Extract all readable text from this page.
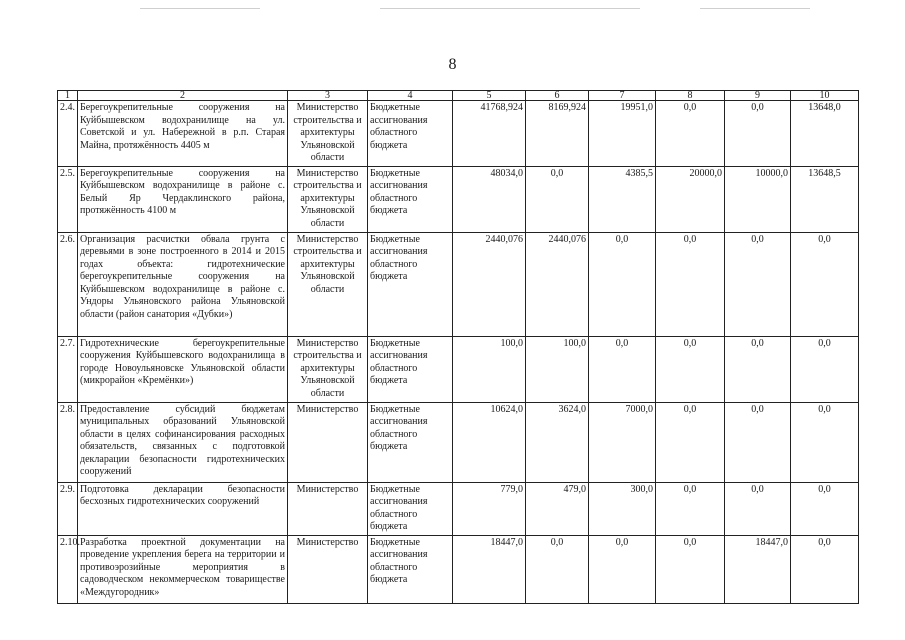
8
1	2	3	4	5	6	7	8	9	10
2.4.	Берегоукрепительные сооружения на Куйбышевском водохранилище на ул. Советской и ул. Набережной в р.п. Старая Майна, протяжённость 4405 м	Министерство строительства и архитектуры Ульяновской области	Бюджетные ассигнования областного бюджета	41768,924	8169,924	19951,0	0,0	0,0	13648,0
2.5.	Берегоукрепительные сооружения на Куйбышевском водохранилище в районе с. Белый Яр Чердаклинского района, протяжённость 4100 м	Министерство строительства и архитектуры Ульяновской области	Бюджетные ассигнования областного бюджета	48034,0	0,0	4385,5	20000,0	10000,0	13648,5
2.6.	Организация расчистки обвала грунта с деревьями в зоне построенного в 2014 и 2015 годах объекта: гидротехнические берегоукрепительные сооружения на Куйбышевском водохранилище в районе с. Ундоры Ульяновского района Ульяновской области (район санатория «Дубки»)	Министерство строительства и архитектуры Ульяновской области	Бюджетные ассигнования областного бюджета	2440,076	2440,076	0,0	0,0	0,0	0,0
2.7.	Гидротехнические берегоукрепительные сооружения Куйбышевского водохранилища в городе Новоульяновске Ульяновской области (микрорайон «Кремёнки»)	Министерство строительства и архитектуры Ульяновской области	Бюджетные ассигнования областного бюджета	100,0	100,0	0,0	0,0	0,0	0,0
2.8.	Предоставление субсидий бюджетам муниципальных образований Ульяновской области в целях софинансирования расходных обязательств, связанных с подготовкой декларации безопасности гидротехнических сооружений	Министерство	Бюджетные ассигнования областного бюджета	10624,0	3624,0	7000,0	0,0	0,0	0,0
2.9.	Подготовка декларации безопасности бесхозных гидротехнических сооружений	Министерство	Бюджетные ассигнования областного бюджета	779,0	479,0	300,0	0,0	0,0	0,0
2.10.	Разработка проектной документации на проведение укрепления берега на территории и противоэрозийные мероприятия в садоводческом некоммерческом товариществе «Междугородник»	Министерство	Бюджетные ассигнования областного бюджета	18447,0	0,0	0,0	0,0	18447,0	0,0
